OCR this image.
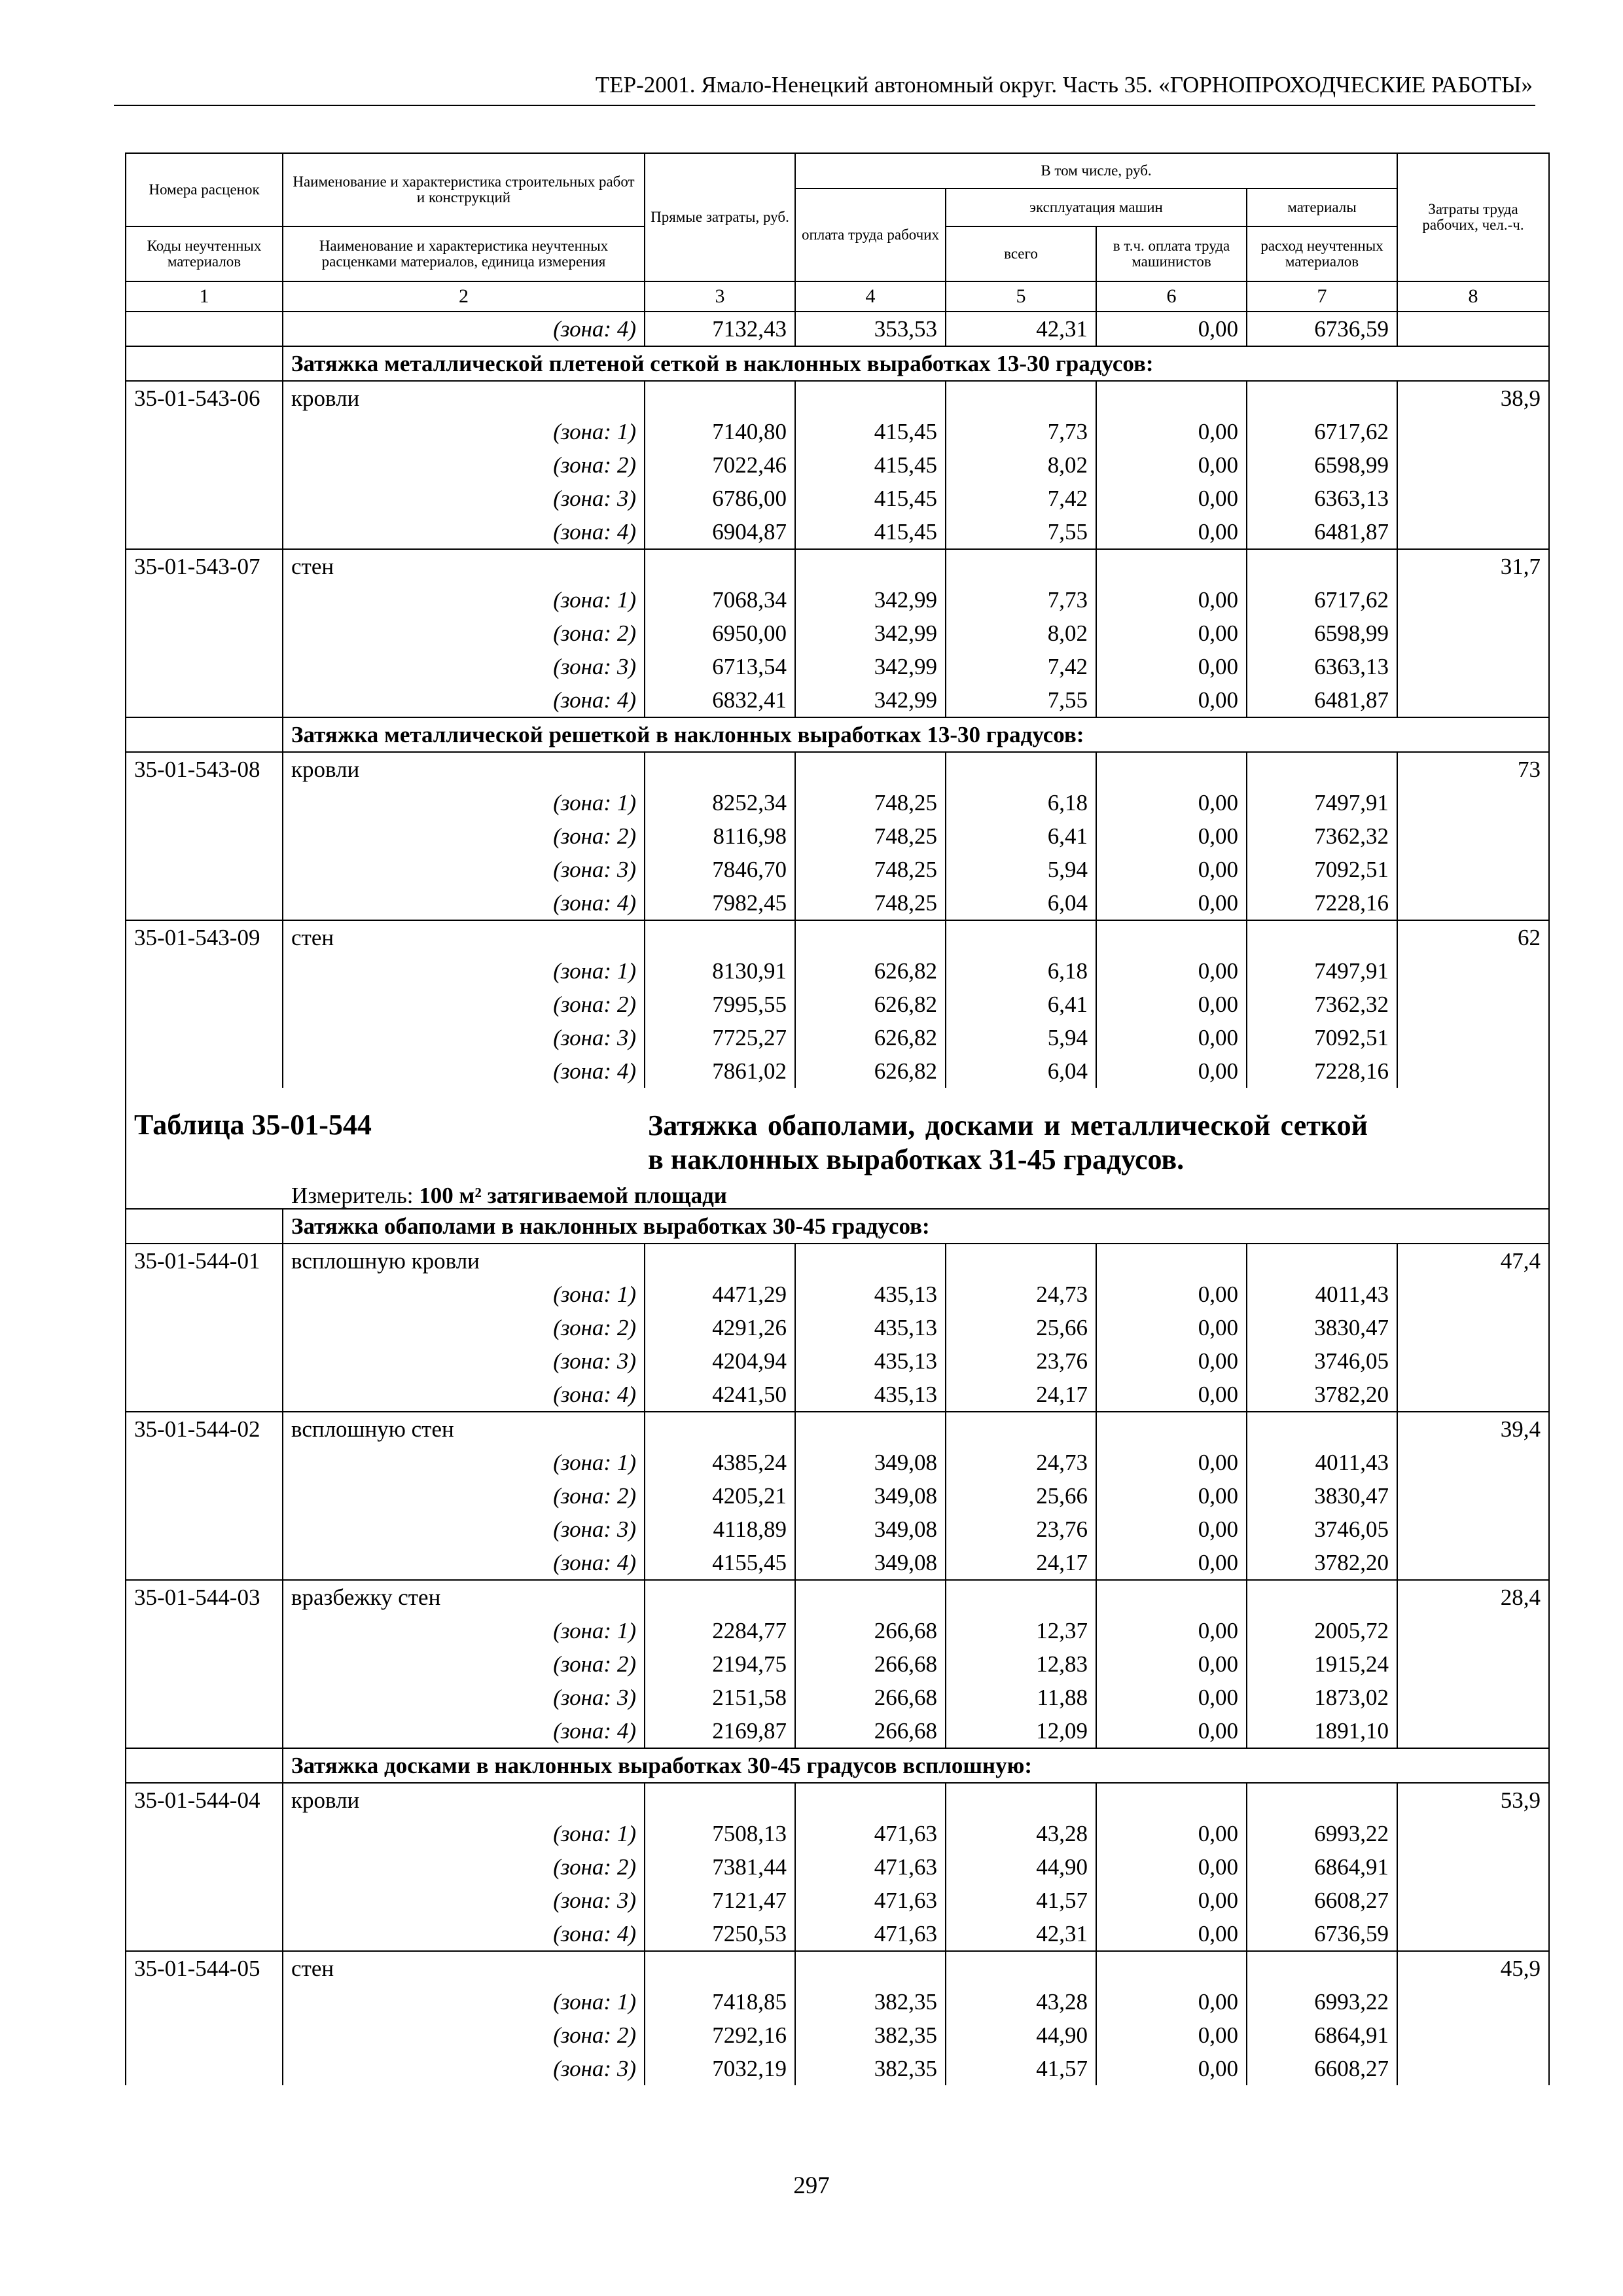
ТЕР-2001. Ямало-Ненецкий автономный округ. Часть 35. «ГОРНОПРОХОДЧЕСКИЕ РАБОТЫ»
Номера расценок	Наименование и характеристика строительных работ и конструкций	Прямые затраты, руб.	В том числе, руб.				Затраты труда рабочих, чел.-ч.
			оплата труда рабочих	эксплуатация машин		материалы	
Коды неучтенных материалов	Наименование и характеристика неучтенных расценками материалов, единица измерения			всего	в т.ч. оплата труда машинистов	расход неучтенных материалов	

1	2	3	4	5	6	7	8
	(зона: 4)	7132,43	353,53	42,31	0,00	6736,59	
	Затяжка металлической плетеной сеткой в наклонных выработках 13-30 градусов:						
35-01-543-06	кровли						38,9
	(зона: 1)	7140,80	415,45	7,73	0,00	6717,62	
	(зона: 2)	7022,46	415,45	8,02	0,00	6598,99	
	(зона: 3)	6786,00	415,45	7,42	0,00	6363,13	
	(зона: 4)	6904,87	415,45	7,55	0,00	6481,87	
35-01-543-07	стен						31,7
	(зона: 1)	7068,34	342,99	7,73	0,00	6717,62	
	(зона: 2)	6950,00	342,99	8,02	0,00	6598,99	
	(зона: 3)	6713,54	342,99	7,42	0,00	6363,13	
	(зона: 4)	6832,41	342,99	7,55	0,00	6481,87	
	Затяжка металлической решеткой в наклонных выработках 13-30 градусов:						
35-01-543-08	кровли						73
	(зона: 1)	8252,34	748,25	6,18	0,00	7497,91	
	(зона: 2)	8116,98	748,25	6,41	0,00	7362,32	
	(зона: 3)	7846,70	748,25	5,94	0,00	7092,51	
	(зона: 4)	7982,45	748,25	6,04	0,00	7228,16	
35-01-543-09	стен						62
	(зона: 1)	8130,91	626,82	6,18	0,00	7497,91	
	(зона: 2)	7995,55	626,82	6,41	0,00	7362,32	
	(зона: 3)	7725,27	626,82	5,94	0,00	7092,51	
	(зона: 4)	7861,02	626,82	6,04	0,00	7228,16	

Таблица 35-01-544 Затяжка обаполами, досками и металлической сеткой в наклонных выработках 31-45 градусов.
Измеритель: 100 м² затягиваемой площади							

	Затяжка обаполами в наклонных выработках 30-45 градусов:						
35-01-544-01	всплошную кровли						47,4
	(зона: 1)	4471,29	435,13	24,73	0,00	4011,43	
	(зона: 2)	4291,26	435,13	25,66	0,00	3830,47	
	(зона: 3)	4204,94	435,13	23,76	0,00	3746,05	
	(зона: 4)	4241,50	435,13	24,17	0,00	3782,20	
35-01-544-02	всплошную стен						39,4
	(зона: 1)	4385,24	349,08	24,73	0,00	4011,43	
	(зона: 2)	4205,21	349,08	25,66	0,00	3830,47	
	(зона: 3)	4118,89	349,08	23,76	0,00	3746,05	
	(зона: 4)	4155,45	349,08	24,17	0,00	3782,20	
35-01-544-03	вразбежку стен						28,4
	(зона: 1)	2284,77	266,68	12,37	0,00	2005,72	
	(зона: 2)	2194,75	266,68	12,83	0,00	1915,24	
	(зона: 3)	2151,58	266,68	11,88	0,00	1873,02	
	(зона: 4)	2169,87	266,68	12,09	0,00	1891,10	
	Затяжка досками в наклонных выработках 30-45 градусов всплошную:						
35-01-544-04	кровли						53,9
	(зона: 1)	7508,13	471,63	43,28	0,00	6993,22	
	(зона: 2)	7381,44	471,63	44,90	0,00	6864,91	
	(зона: 3)	7121,47	471,63	41,57	0,00	6608,27	
	(зона: 4)	7250,53	471,63	42,31	0,00	6736,59	
35-01-544-05	стен						45,9
	(зона: 1)	7418,85	382,35	43,28	0,00	6993,22	
	(зона: 2)	7292,16	382,35	44,90	0,00	6864,91	
	(зона: 3)	7032,19	382,35	41,57	0,00	6608,27	
297
